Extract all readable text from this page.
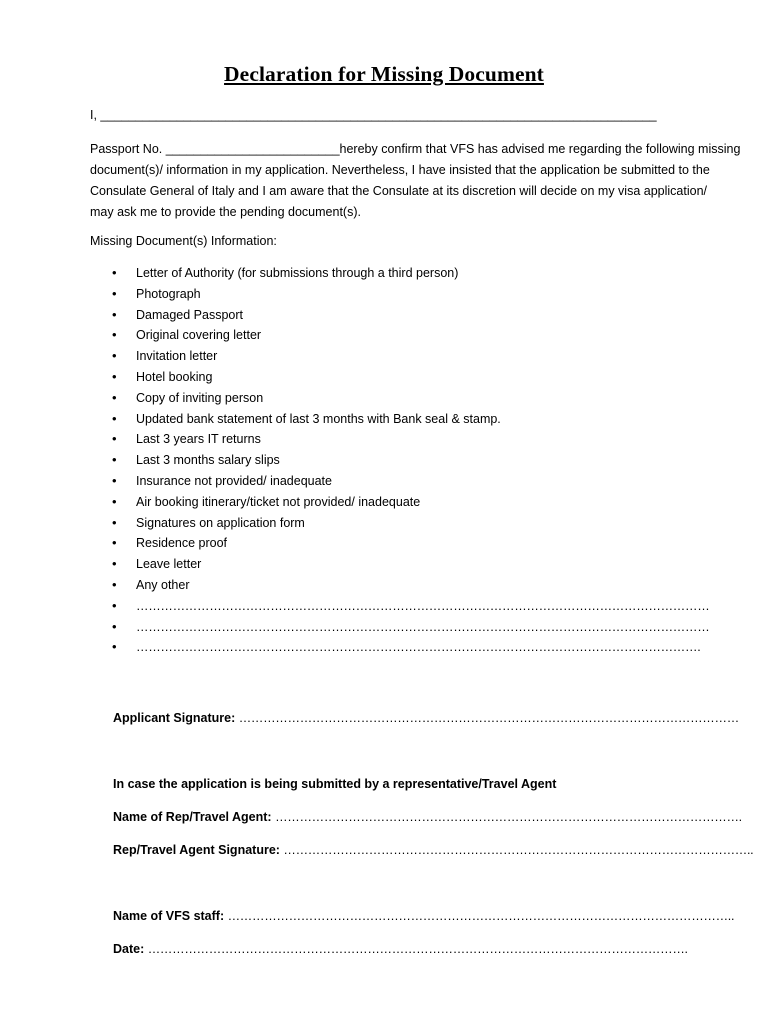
Declaration for Missing Document
I, ________________________________________________________________________________
Passport No. _________________________hereby confirm that VFS has advised me regarding the following missing
document(s)/ information in my application. Nevertheless, I have insisted that the application be submitted to the
Consulate General of Italy and I am aware that the Consulate at its discretion will decide on my visa application/
may ask me to provide the pending document(s).
Missing Document(s) Information:
• Letter of Authority (for submissions through a third person)
• Photograph
• Damaged Passport
• Original covering letter
• Invitation letter
• Hotel booking
• Copy of inviting person
• Updated bank statement of last 3 months with Bank seal & stamp.
• Last 3 years IT returns
• Last 3 months salary slips
• Insurance not provided/ inadequate
• Air booking itinerary/ticket not provided/ inadequate
• Signatures on application form
• Residence proof
• Leave letter
• Any other
• ……………………………………………………………………………………………………………………………
• ……………………………………………………………………………………………………………………………
• ………………………………………………………………………………………………………………………….
Applicant Signature: ……………………………………………………………………………………………………………
In case the application is being submitted by a representative/Travel Agent
Name of Rep/Travel Agent: …………………………………………………………………………………………………….
Rep/Travel Agent Signature: ……………………………………………………………………………………………………..
Name of VFS staff: ……………………………………………………………………………………………………………..
Date: …………………………………………………………………………………………………………………….
